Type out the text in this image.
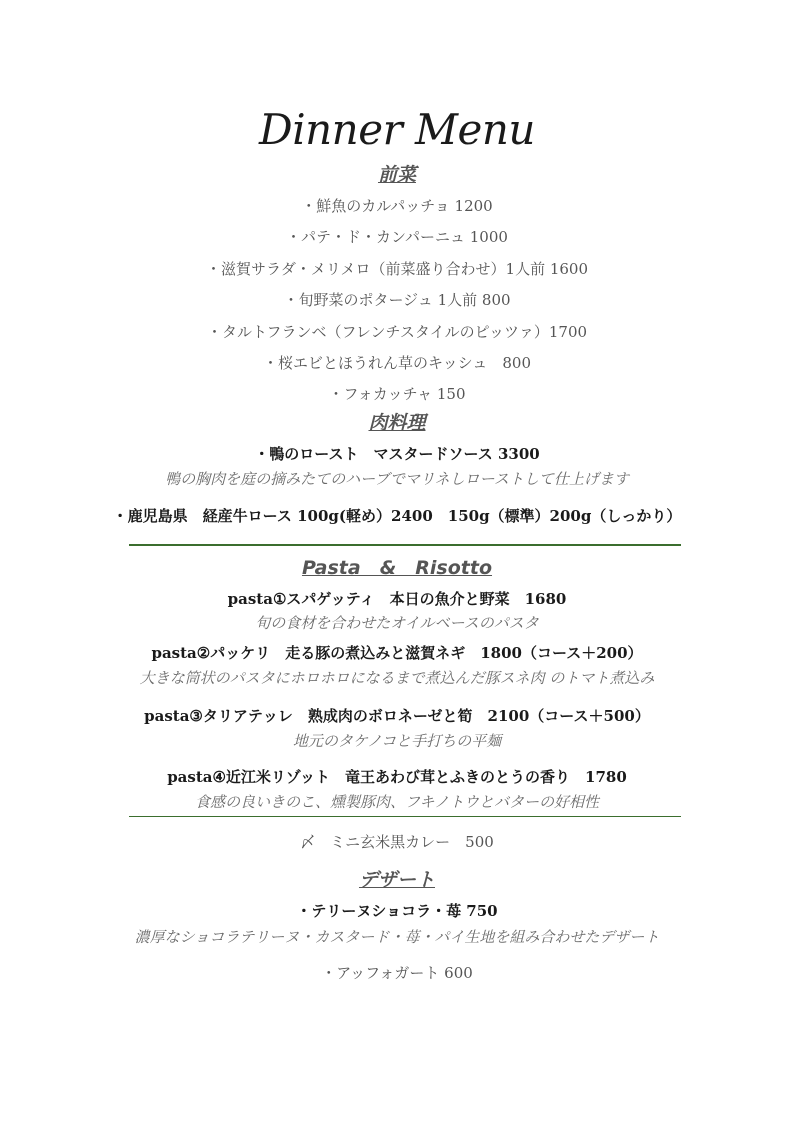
Dinner Menu
前菜
・鮮魚のカルパッチョ 1200
・パテ・ド・カンパーニュ 1000
・滋賀サラダ・メリメロ（前菜盛り合わせ）1人前 1600
・旬野菜のポタージュ 1人前 800
・タルトフランベ（フレンチスタイルのピッツァ）1700
・桜エビとほうれん草のキッシュ　800
・フォカッチャ 150
肉料理
・鴨のロースト　マスタードソース 3300
鴨の胸肉を庭の摘みたてのハーブでマリネしローストして仕上げます
・鹿児島県　経産牛ロース 100g(軽め）2400　150g（標準）200g（しっかり）
Pasta　&　Risotto
pasta①スパゲッティ　本日の魚介と野菜　1680
旬の食材を合わせたオイルベースのパスタ
pasta②パッケリ　走る豚の煮込みと滋賀ネギ　1800（コース＋200）
大きな筒状のパスタにホロホロになるまで煮込んだ豚スネ肉 のトマト煮込み
pasta③タリアテッレ　熟成肉のボロネーゼと筍　2100（コース＋500）
地元のタケノコと手打ちの平麺
pasta④近江米リゾット　竜王あわび茸とふきのとうの香り　1780
食感の良いきのこ、燻製豚肉、フキノトウとバターの好相性
〆　ミニ玄米黒カレー　500
デザート
・テリーヌショコラ・苺 750
濃厚なショコラテリーヌ・カスタード・苺・パイ生地を組み合わせたデザート
・アッフォガート 600
